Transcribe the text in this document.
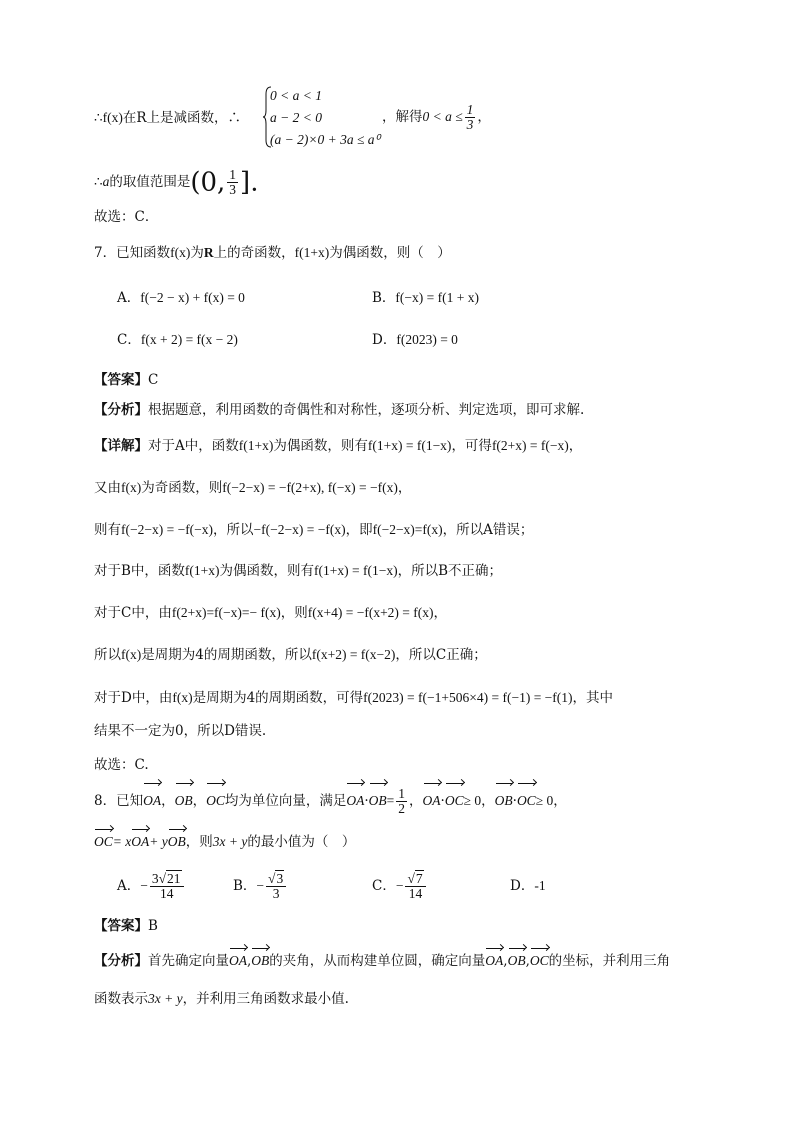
∴f(x)在R上是减函数，∴
0 < a < 1
a − 2 < 0
(a − 2)×0 + 3a ≤ a⁰
，解得$0 < a \le \frac{1}{3}$ ，
∴a的取值范围是(0, $\frac{1}{3}$ ].
故选：C．
7．已知函数f(x)为R上的奇函数，f(1+x)为偶函数，则（　）
A．f(−2 − x) + f(x) = 0	B．f(−x) = f(1 + x)
C．f(x + 2) = f(x − 2)	D．f(2023) = 0
【答案】C
【分析】根据题意，利用函数的奇偶性和对称性，逐项分析、判定选项，即可求解.
【详解】对于A中，函数f(1+x)为偶函数，则有f(1+x) = f(1−x)，可得f(2+x) = f(−x)，
又由f(x)为奇函数，则f(−2−x) = −f(2+x), f(−x) = −f(x)，
则有f(−2−x) = −f(−x)，所以−f(−2−x) = −f(x)，即f(−2−x)=f(x)，所以A错误；
对于B中，函数f(1+x)为偶函数，则有f(1+x) = f(1−x)，所以B不正确；
对于C中，由f(2+x)=f(−x)=− f(x)，则f(x+4) = −f(x+2) = f(x)，
所以f(x)是周期为4的周期函数，所以f(x+2) = f(x−2)，所以C正确；
对于D中，由f(x)是周期为4的周期函数，可得f(2023) = f(−1+506×4) = f(−1) = −f(1)，其中
结果不一定为0，所以D错误.
故选：C.
8．已知OA，OB，OC均为单位向量，满足$OA\cdot OB= \frac{1}{2}$ ，OA·OC≥ 0，OB·OC≥ 0，
OC= xOA+ yOB，则3x + y的最小值为（　）
A．− $\frac{3√21}{14}$	B．− $\frac{√3}{3}$	C．− $\frac{√7}{14}$	D．-1
【答案】B
【分析】首先确定向量OA,OB的夹角，从而构建单位圆，确定向量OA,OB,OC的坐标，并利用三角
函数表示3x + y，并利用三角函数求最小值.
